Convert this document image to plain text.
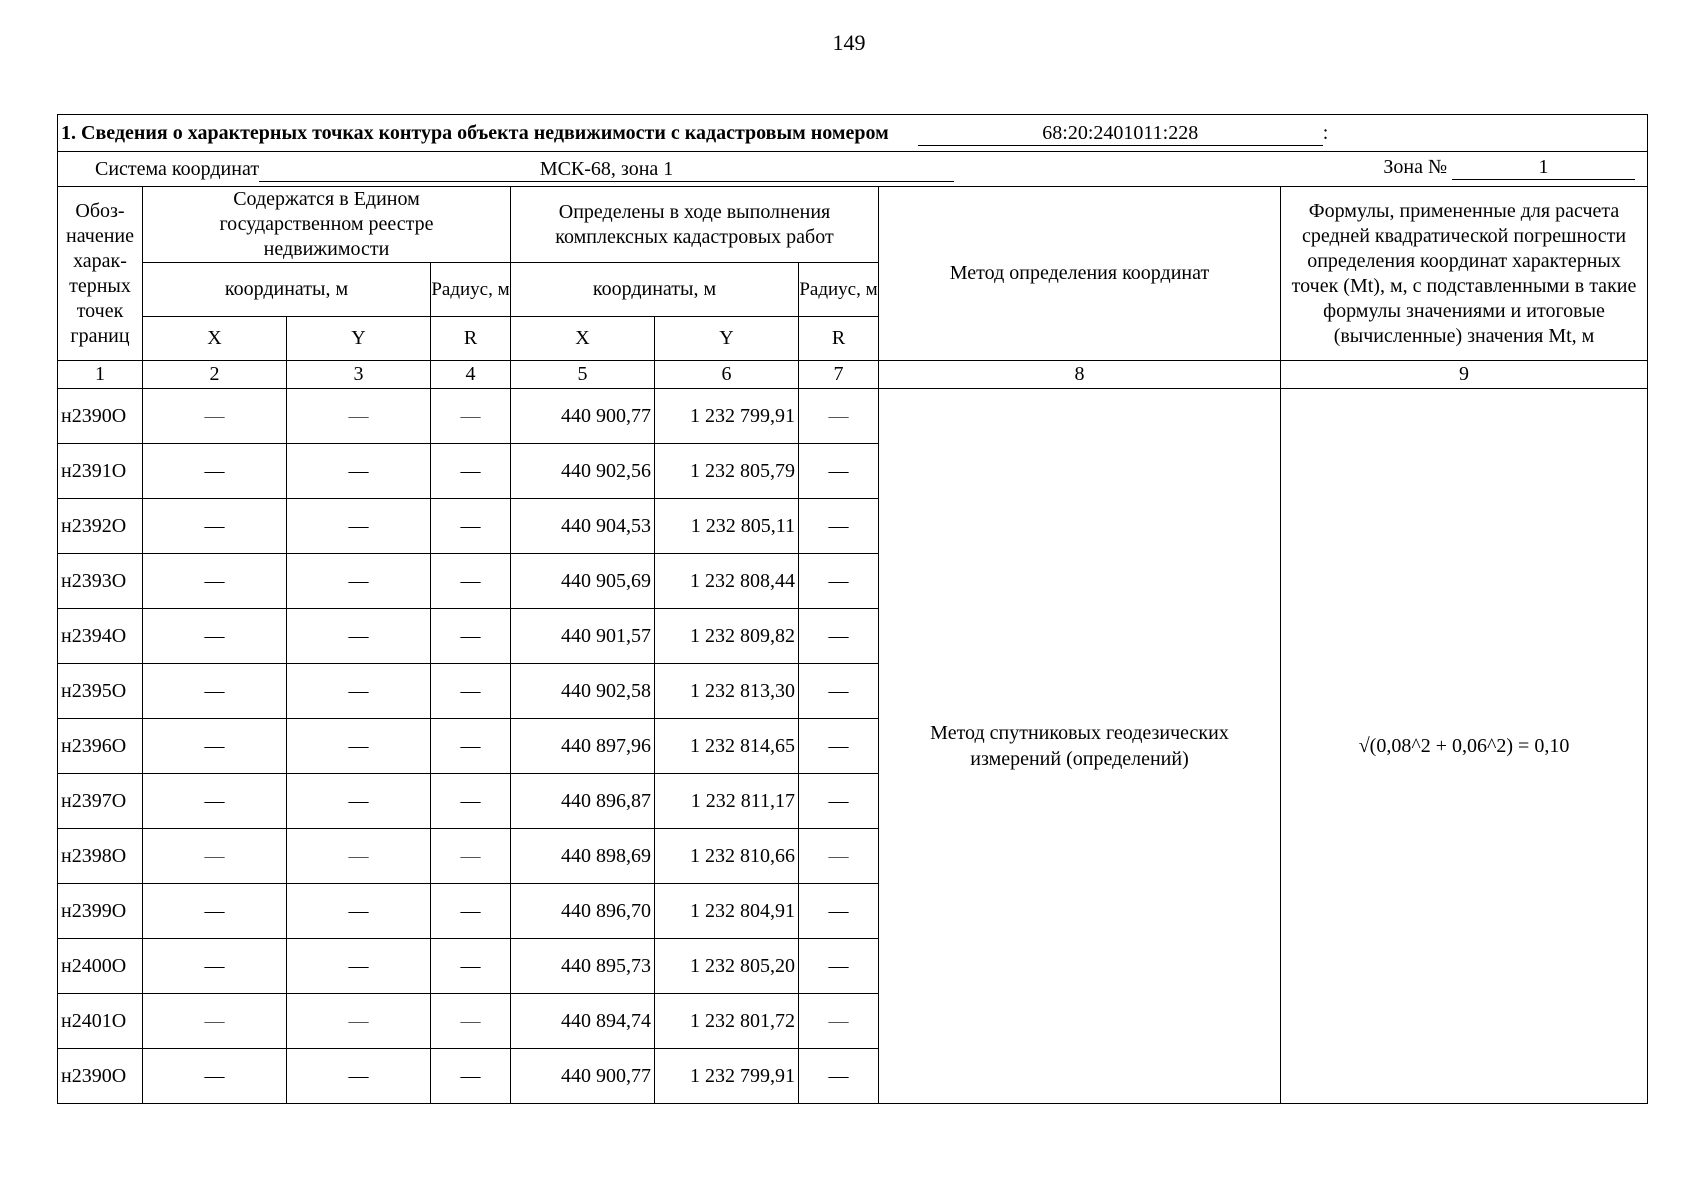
149
1. Сведения о характерных точках контура объекта недвижимости с кадастровым номером 68:20:2401011:228 :								
Система координат МСК-68, зона 1 Зона № 1								

Обоз-начение харак-терных точек границ	Содержатся в Едином государственном реестре недвижимости			Определены в ходе выполнения комплексных кадастровых работ			Метод определения координат	Формулы, примененные для расчета средней квадратической погрешности определения координат характерных точек (Mt), м, с подставленными в такие формулы значениями и итоговые (вычисленные) значения Mt, м
	координаты, м		Радиус, м	координаты, м		Радиус, м		
	X	Y	R	X	Y	R		
1	2	3	4	5	6	7	8	9
н2390О	—	—	—	440 900,77	1 232 799,91	—	Метод спутниковых геодезических измерений (определений)	√(0,08^2 + 0,06^2) = 0,10
н2391О	—	—	—	440 902,56	1 232 805,79	—		
н2392О	—	—	—	440 904,53	1 232 805,11	—		
н2393О	—	—	—	440 905,69	1 232 808,44	—		
н2394О	—	—	—	440 901,57	1 232 809,82	—		
н2395О	—	—	—	440 902,58	1 232 813,30	—		
н2396О	—	—	—	440 897,96	1 232 814,65	—		
н2397О	—	—	—	440 896,87	1 232 811,17	—		
н2398О	—	—	—	440 898,69	1 232 810,66	—		
н2399О	—	—	—	440 896,70	1 232 804,91	—		
н2400О	—	—	—	440 895,73	1 232 805,20	—		
н2401О	—	—	—	440 894,74	1 232 801,72	—		
н2390О	—	—	—	440 900,77	1 232 799,91	—		
